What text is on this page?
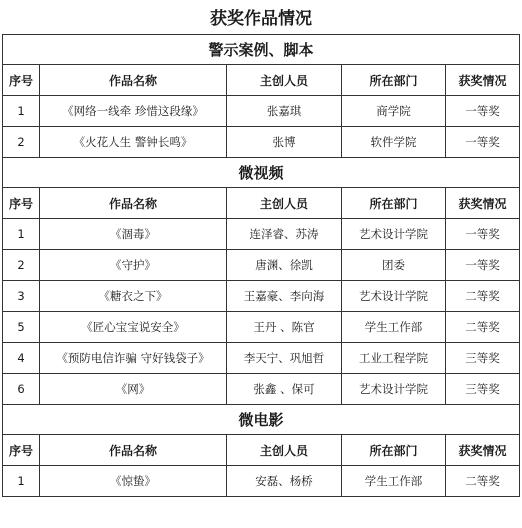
获奖作品情况
警示案例、脚本				
序号	作品名称	主创人员	所在部门	获奖情况
1	《网络一线牵 珍惜这段缘》	张嘉琪	商学院	一等奖
2	《火花人生 警钟长鸣》	张博	软件学院	一等奖
微视频				
序号	作品名称	主创人员	所在部门	获奖情况
1	《涸毒》	连泽睿、苏涛	艺术设计学院	一等奖
2	《守护》	唐渊、徐凯	团委	一等奖
3	《糖衣之下》	王嘉豪、李向海	艺术设计学院	二等奖
5	《匠心宝宝说安全》	王丹 、陈官	学生工作部	二等奖
4	《预防电信诈骗 守好钱袋子》	李天宁、巩旭哲	工业工程学院	三等奖
6	《网》	张鑫 、保可	艺术设计学院	三等奖
微电影				
序号	作品名称	主创人员	所在部门	获奖情况
1	《惊蛰》	安磊、杨桥	学生工作部	二等奖
